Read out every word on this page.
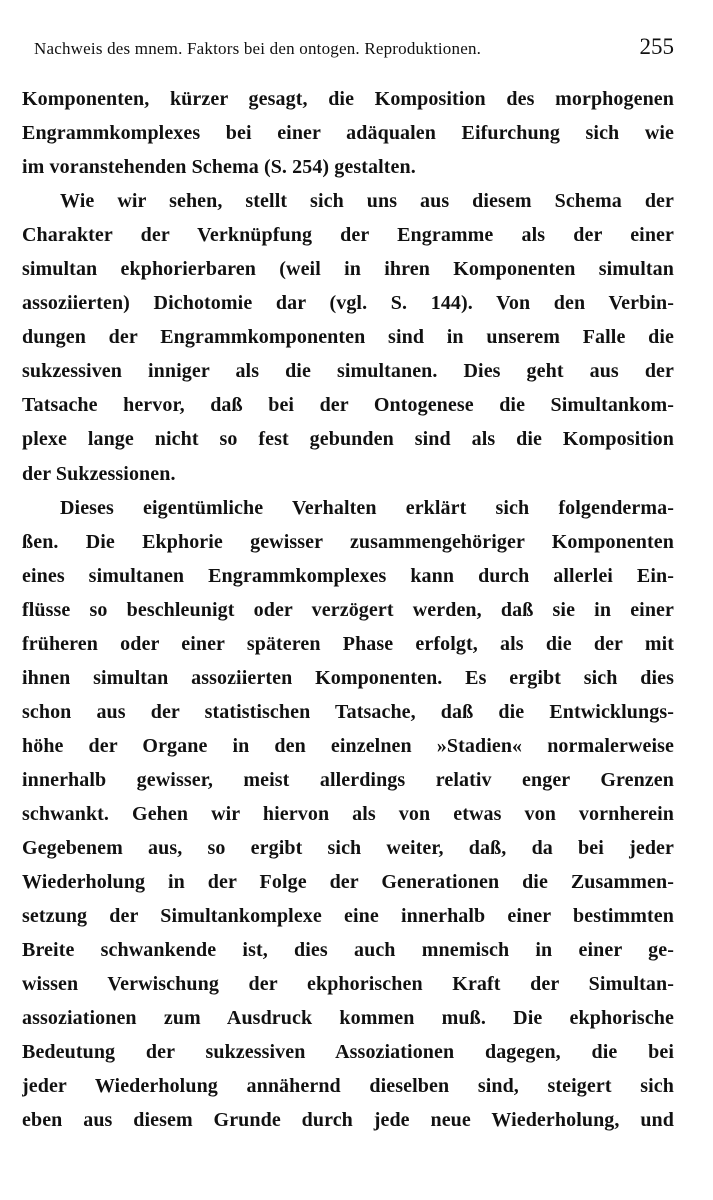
Nachweis des mnem. Faktors bei den ontogen. Reproduktionen.	255
Komponenten, kürzer gesagt, die Komposition des morphogenen
Engrammkomplexes bei einer adäqualen Eifurchung sich wie
im voranstehenden Schema (S. 254) gestalten.
Wie wir sehen, stellt sich uns aus diesem Schema der
Charakter der Verknüpfung der Engramme als der einer
simultan ekphorierbaren (weil in ihren Komponenten simultan
assoziierten) Dichotomie dar (vgl. S. 144). Von den Verbin-
dungen der Engrammkomponenten sind in unserem Falle die
sukzessiven inniger als die simultanen. Dies geht aus der
Tatsache hervor, daß bei der Ontogenese die Simultankom-
plexe lange nicht so fest gebunden sind als die Komposition
der Sukzessionen.
Dieses eigentümliche Verhalten erklärt sich folgenderma-
ßen. Die Ekphorie gewisser zusammengehöriger Komponenten
eines simultanen Engrammkomplexes kann durch allerlei Ein-
flüsse so beschleunigt oder verzögert werden, daß sie in einer
früheren oder einer späteren Phase erfolgt, als die der mit
ihnen simultan assoziierten Komponenten. Es ergibt sich dies
schon aus der statistischen Tatsache, daß die Entwicklungs-
höhe der Organe in den einzelnen »Stadien« normalerweise
innerhalb gewisser, meist allerdings relativ enger Grenzen
schwankt. Gehen wir hiervon als von etwas von vornherein
Gegebenem aus, so ergibt sich weiter, daß, da bei jeder
Wiederholung in der Folge der Generationen die Zusammen-
setzung der Simultankomplexe eine innerhalb einer bestimmten
Breite schwankende ist, dies auch mnemisch in einer ge-
wissen Verwischung der ekphorischen Kraft der Simultan-
assoziationen zum Ausdruck kommen muß. Die ekphorische
Bedeutung der sukzessiven Assoziationen dagegen, die bei
jeder Wiederholung annähernd dieselben sind, steigert sich
eben aus diesem Grunde durch jede neue Wiederholung, und
